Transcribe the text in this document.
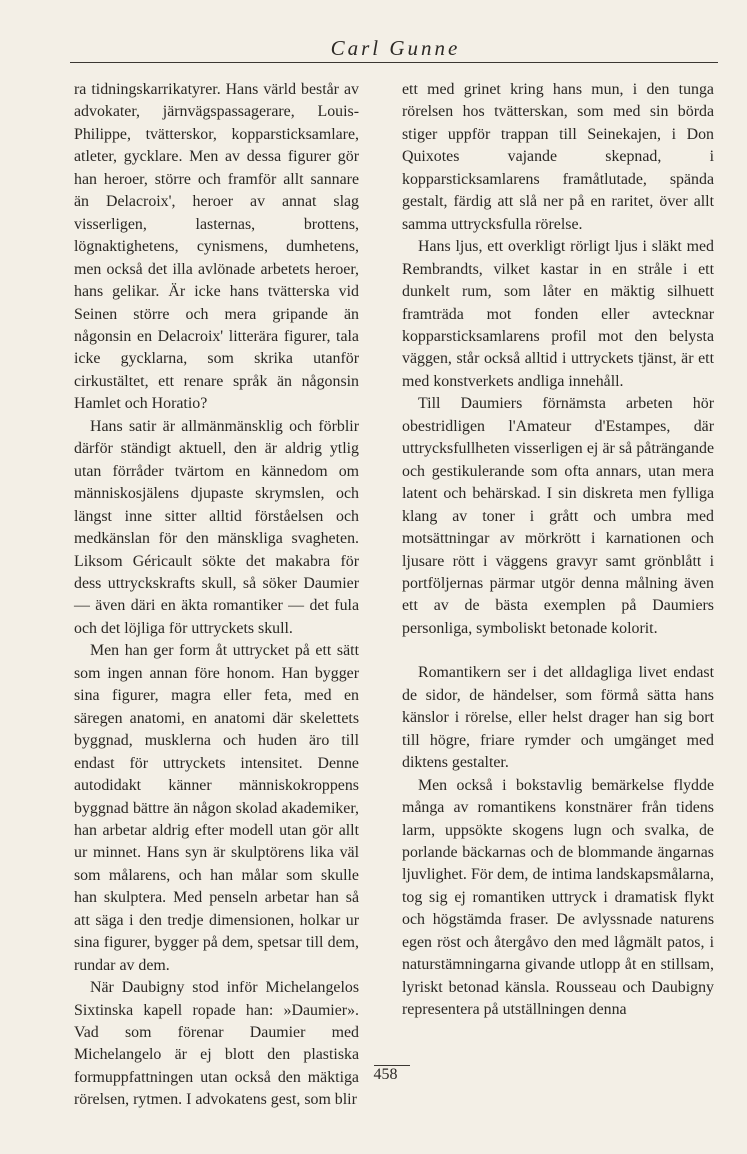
Carl Gunne

ra tidningskarrikatyrer. Hans värld består av advokater, järnvägspassagerare, Louis-Philippe, tvätterskor, kopparsticksamlare, atleter, gycklare. Men av dessa figurer gör han heroer, större och framför allt sannare än Delacroix', heroer av annat slag visserligen, lasternas, brottens, lögnaktighetens, cynismens, dumhetens, men också det illa avlönade arbetets heroer, hans gelikar. Är icke hans tvätterska vid Seinen större och mera gripande än någonsin en Delacroix' litterära figurer, tala icke gycklarna, som skrika utanför cirkustältet, ett renare språk än någonsin Hamlet och Horatio?

Hans satir är allmänmänsklig och förblir därför ständigt aktuell, den är aldrig ytlig utan förråder tvärtom en kännedom om människosjälens djupaste skrymslen, och längst inne sitter alltid förståelsen och medkänslan för den mänskliga svagheten. Liksom Géricault sökte det makabra för dess uttryckskrafts skull, så söker Daumier — även däri en äkta romantiker — det fula och det löjliga för uttryckets skull.

Men han ger form åt uttrycket på ett sätt som ingen annan före honom. Han bygger sina figurer, magra eller feta, med en säregen anatomi, en anatomi där skelettets byggnad, musklerna och huden äro till endast för uttryckets intensitet. Denne autodidakt känner människokroppens byggnad bättre än någon skolad akademiker, han arbetar aldrig efter modell utan gör allt ur minnet. Hans syn är skulptörens lika väl som målarens, och han målar som skulle han skulptera. Med penseln arbetar han så att säga i den tredje dimensionen, holkar ur sina figurer, bygger på dem, spetsar till dem, rundar av dem.

När Daubigny stod inför Michelangelos Sixtinska kapell ropade han: »Daumier». Vad som förenar Daumier med Michelangelo är ej blott den plastiska formuppfattningen utan också den mäktiga rörelsen, rytmen. I advokatens gest, som blir

ett med grinet kring hans mun, i den tunga rörelsen hos tvätterskan, som med sin börda stiger uppför trappan till Seinekajen, i Don Quixotes vajande skepnad, i kopparsticksamlarens framåtlutade, spända gestalt, färdig att slå ner på en raritet, över allt samma uttrycksfulla rörelse.

Hans ljus, ett overkligt rörligt ljus i släkt med Rembrandts, vilket kastar in en stråle i ett dunkelt rum, som låter en mäktig silhuett framträda mot fonden eller avtecknar kopparsticksamlarens profil mot den belysta väggen, står också alltid i uttryckets tjänst, är ett med konstverkets andliga innehåll.

Till Daumiers förnämsta arbeten hör obestridligen l'Amateur d'Estampes, där uttrycksfullheten visserligen ej är så påträngande och gestikulerande som ofta annars, utan mera latent och behärskad. I sin diskreta men fylliga klang av toner i grått och umbra med motsättningar av mörkrött i karnationen och ljusare rött i väggens gravyr samt grönblått i portföljernas pärmar utgör denna målning även ett av de bästa exemplen på Daumiers personliga, symboliskt betonade kolorit.

Romantikern ser i det alldagliga livet endast de sidor, de händelser, som förmå sätta hans känslor i rörelse, eller helst drager han sig bort till högre, friare rymder och umgänget med diktens gestalter.

Men också i bokstavlig bemärkelse flydde många av romantikens konstnärer från tidens larm, uppsökte skogens lugn och svalka, de porlande bäckarnas och de blommande ängarnas ljuvlighet. För dem, de intima landskapsmålarna, tog sig ej romantiken uttryck i dramatisk flykt och högstämda fraser. De avlyssnade naturens egen röst och återgåvo den med lågmält patos, i naturstämningarna givande utlopp åt en stillsam, lyriskt betonad känsla. Rousseau och Daubigny representera på utställningen denna

458
